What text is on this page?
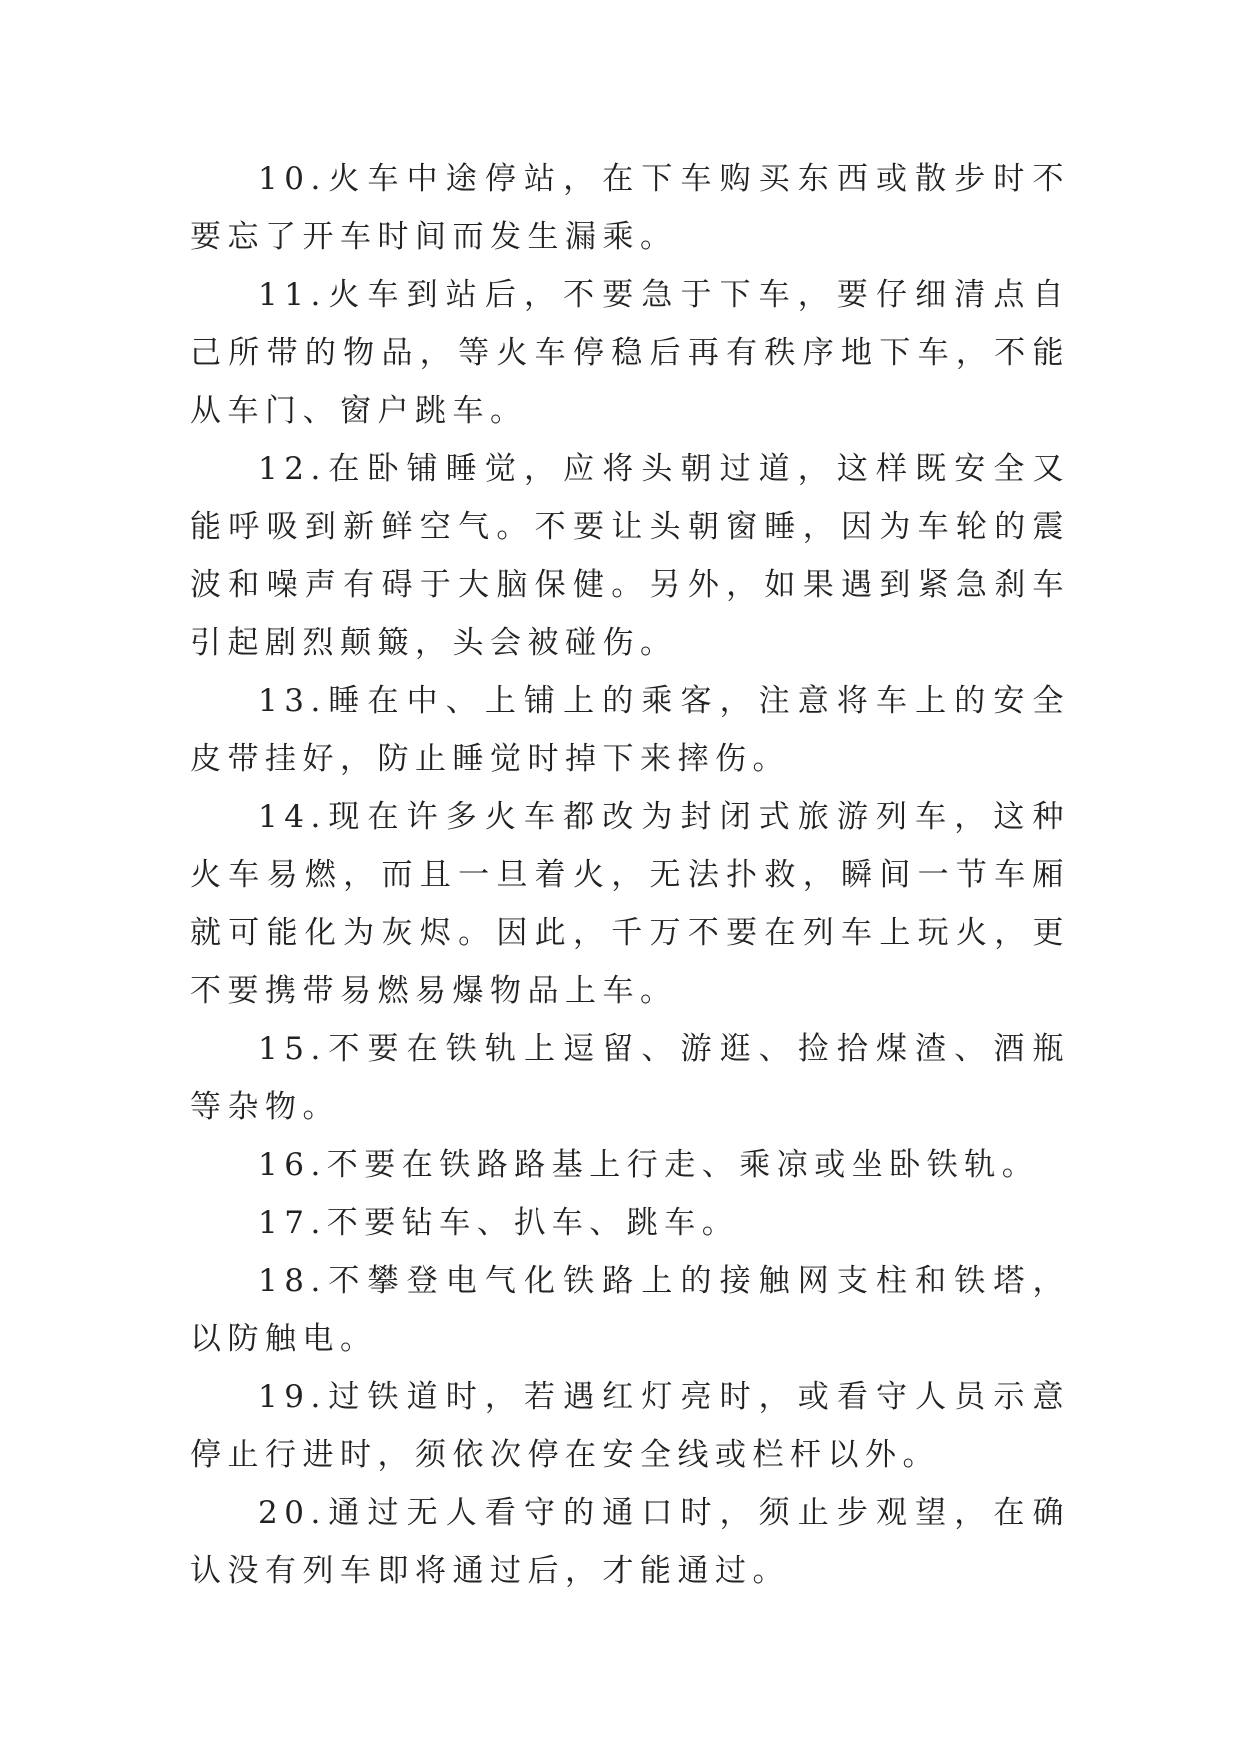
10.火车中途停站，在下车购买东西或散步时不要忘了开车时间而发生漏乘。

11.火车到站后，不要急于下车，要仔细清点自己所带的物品，等火车停稳后再有秩序地下车，不能从车门、窗户跳车。

12.在卧铺睡觉，应将头朝过道，这样既安全又能呼吸到新鲜空气。不要让头朝窗睡，因为车轮的震波和噪声有碍于大脑保健。另外，如果遇到紧急刹车引起剧烈颠簸，头会被碰伤。

13.睡在中、上铺上的乘客，注意将车上的安全皮带挂好，防止睡觉时掉下来摔伤。

14.现在许多火车都改为封闭式旅游列车，这种火车易燃，而且一旦着火，无法扑救，瞬间一节车厢就可能化为灰烬。因此，千万不要在列车上玩火，更不要携带易燃易爆物品上车。

15.不要在铁轨上逗留、游逛、捡拾煤渣、酒瓶等杂物。

16.不要在铁路路基上行走、乘凉或坐卧铁轨。

17.不要钻车、扒车、跳车。

18.不攀登电气化铁路上的接触网支柱和铁塔，以防触电。

19.过铁道时，若遇红灯亮时，或看守人员示意停止行进时，须依次停在安全线或栏杆以外。

20.通过无人看守的通口时，须止步观望，在确认没有列车即将通过后，才能通过。
